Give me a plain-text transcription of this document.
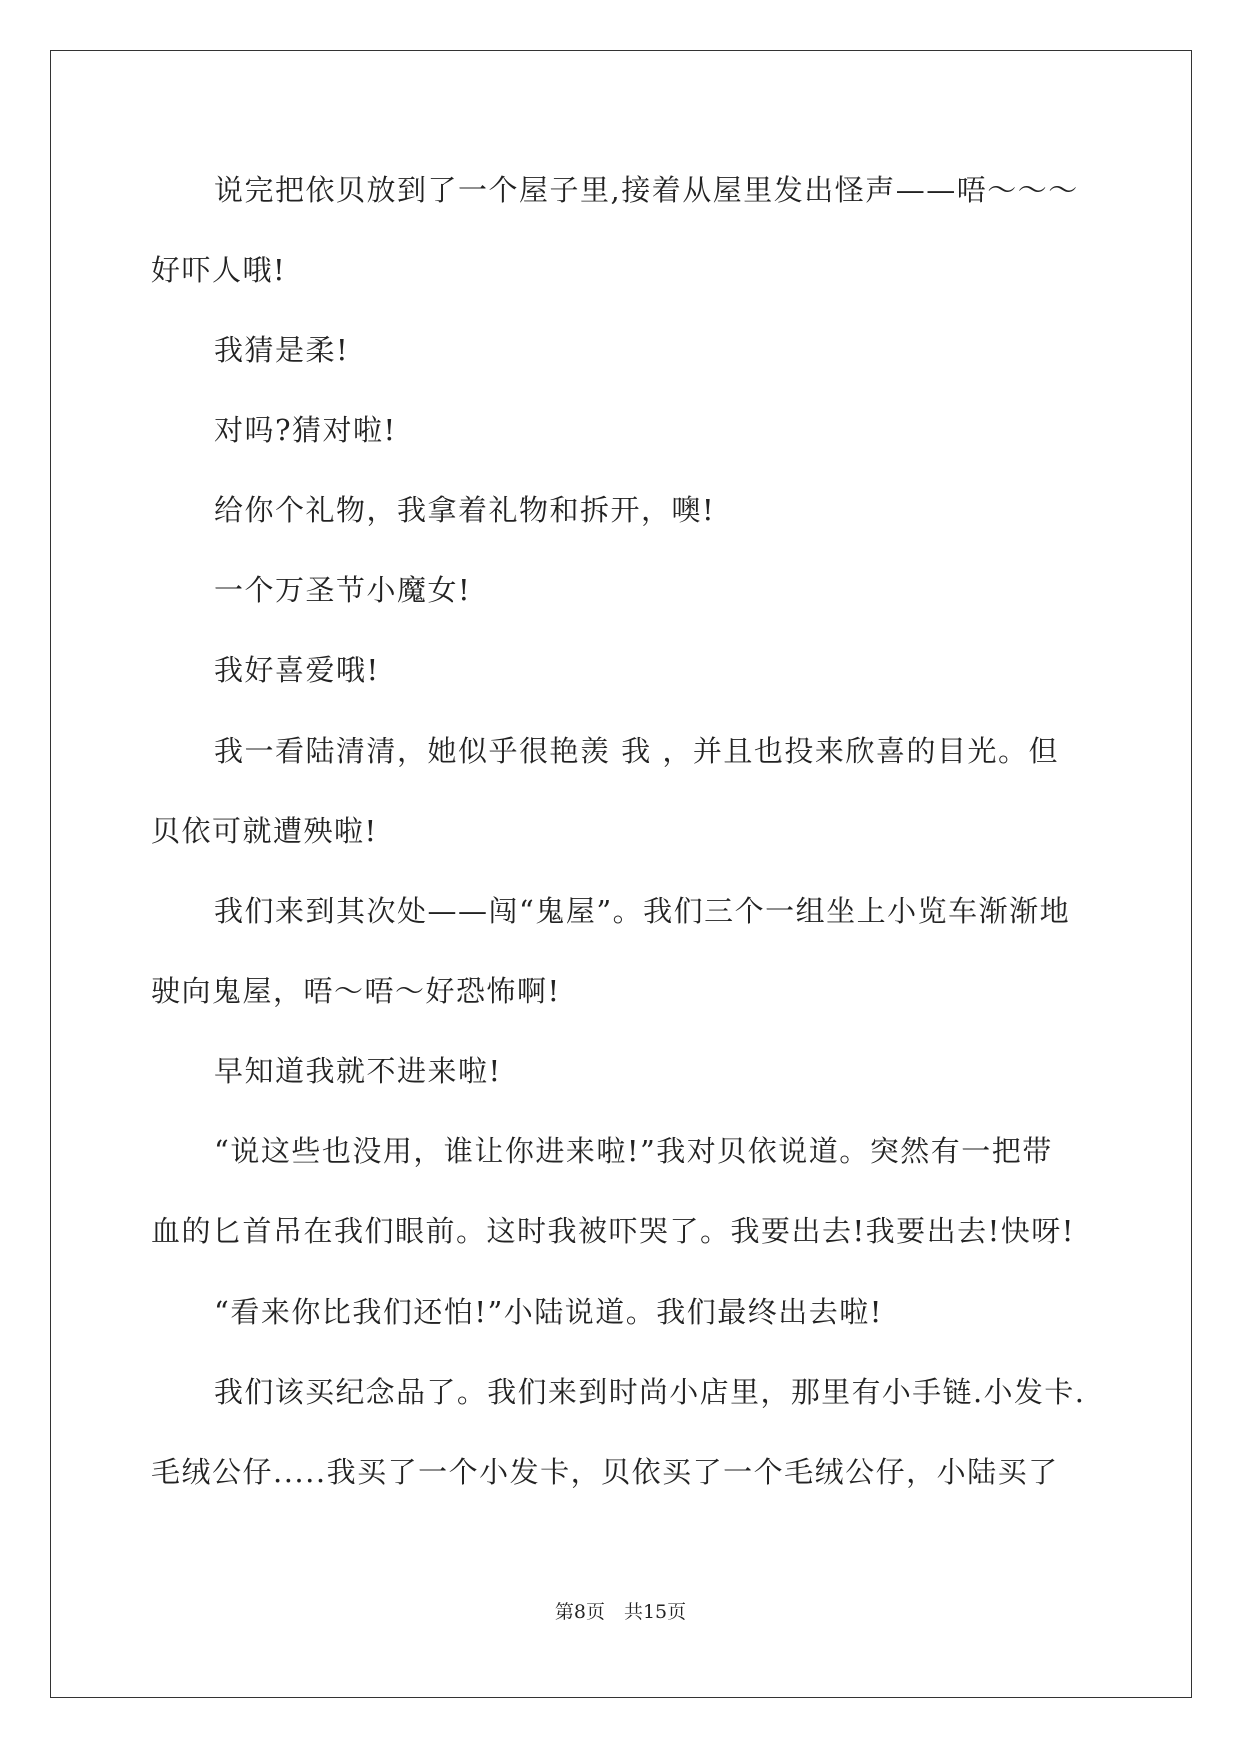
说完把依贝放到了一个屋子里,接着从屋里发出怪声——唔～～～
好吓人哦!
我猜是柔!
对吗?猜对啦!
给你个礼物，我拿着礼物和拆开，噢!
一个万圣节小魔女!
我好喜爱哦!
我一看陆清清，她似乎很艳羡 我 ，并且也投来欣喜的目光。但
贝依可就遭殃啦!
我们来到其次处——闯“鬼屋”。我们三个一组坐上小览车渐渐地
驶向鬼屋，唔～唔～好恐怖啊!
早知道我就不进来啦!
“说这些也没用，谁让你进来啦!”我对贝依说道。突然有一把带
血的匕首吊在我们眼前。这时我被吓哭了。我要出去!我要出去!快呀!
“看来你比我们还怕!”小陆说道。我们最终出去啦!
我们该买纪念品了。我们来到时尚小店里，那里有小手链.小发卡.
毛绒公仔.....我买了一个小发卡，贝依买了一个毛绒公仔，小陆买了
第8页　共15页
